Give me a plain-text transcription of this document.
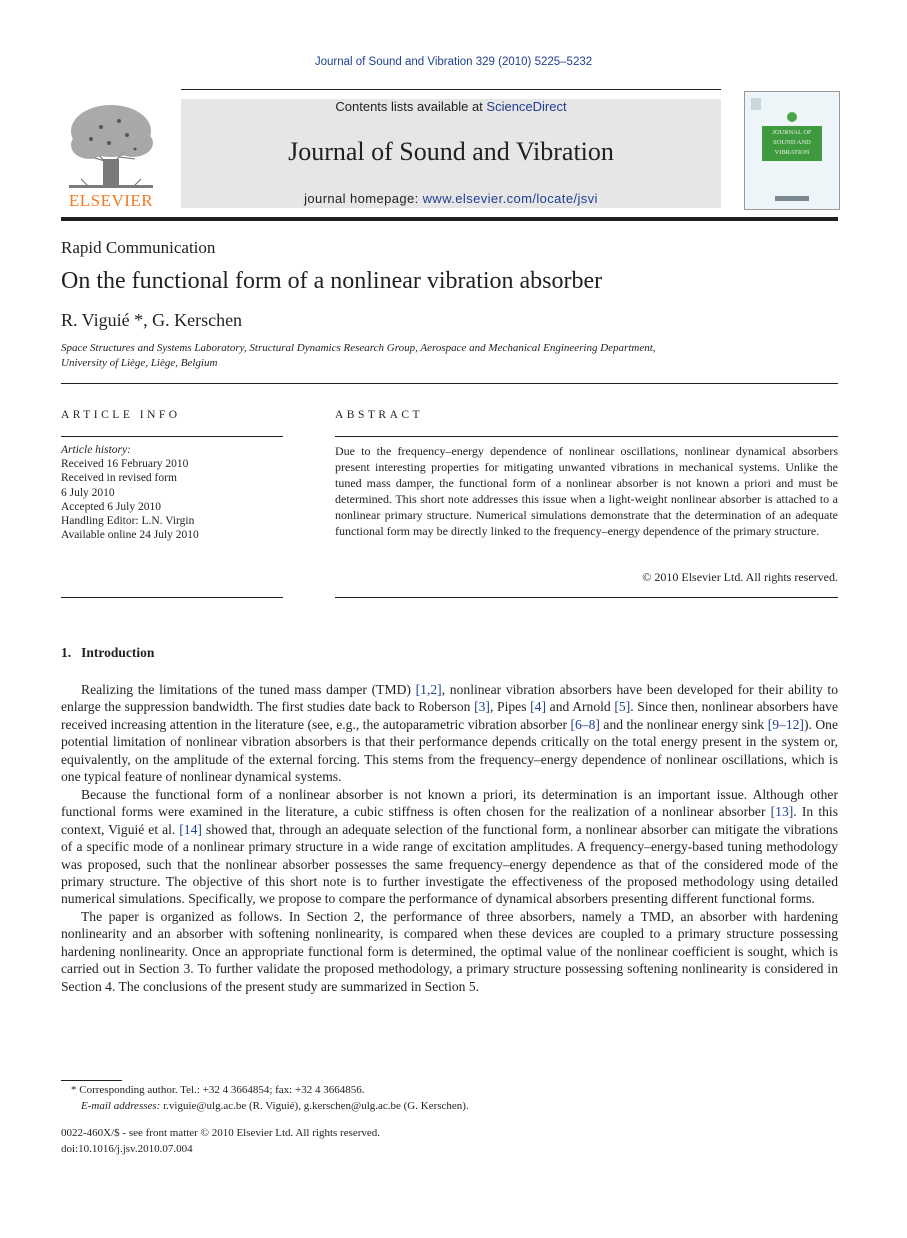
Journal of Sound and Vibration 329 (2010) 5225–5232
ELSEVIER
Contents lists available at ScienceDirect
Journal of Sound and Vibration
journal homepage: www.elsevier.com/locate/jsvi
JOURNAL OF
SOUND AND
VIBRATION
Rapid Communication
On the functional form of a nonlinear vibration absorber
R. Viguié *, G. Kerschen
Space Structures and Systems Laboratory, Structural Dynamics Research Group, Aerospace and Mechanical Engineering Department,
University of Liège, Liège, Belgium
ARTICLE INFO
Article history:
Received 16 February 2010
Received in revised form
6 July 2010
Accepted 6 July 2010
Handling Editor: L.N. Virgin
Available online 24 July 2010
ABSTRACT
Due to the frequency–energy dependence of nonlinear oscillations, nonlinear dynamical absorbers present interesting properties for mitigating unwanted vibrations in mechanical systems. Unlike the tuned mass damper, the functional form of a nonlinear absorber is not known a priori and must be determined. This short note addresses this issue when a light-weight nonlinear absorber is attached to a nonlinear primary structure. Numerical simulations demonstrate that the determination of an adequate functional form may be directly linked to the frequency–energy dependence of the primary structure.
© 2010 Elsevier Ltd. All rights reserved.
1. Introduction

Realizing the limitations of the tuned mass damper (TMD) [1,2], nonlinear vibration absorbers have been developed for their ability to enlarge the suppression bandwidth. The first studies date back to Roberson [3], Pipes [4] and Arnold [5]. Since then, nonlinear absorbers have received increasing attention in the literature (see, e.g., the autoparametric vibration absorber [6–8] and the nonlinear energy sink [9–12]). One potential limitation of nonlinear vibration absorbers is that their performance depends critically on the total energy present in the system or, equivalently, on the amplitude of the external forcing. This stems from the frequency–energy dependence of nonlinear oscillations, which is one typical feature of nonlinear dynamical systems.

Because the functional form of a nonlinear absorber is not known a priori, its determination is an important issue. Although other functional forms were examined in the literature, a cubic stiffness is often chosen for the realization of a nonlinear absorber [13]. In this context, Viguié et al. [14] showed that, through an adequate selection of the functional form, a nonlinear absorber can mitigate the vibrations of a specific mode of a nonlinear primary structure in a wide range of excitation amplitudes. A frequency–energy-based tuning methodology was proposed, such that the nonlinear absorber possesses the same frequency–energy dependence as that of the considered mode of the primary structure. The objective of this short note is to further investigate the effectiveness of the proposed methodology using detailed numerical simulations. Specifically, we propose to compare the performance of dynamical absorbers presenting different functional forms.

The paper is organized as follows. In Section 2, the performance of three absorbers, namely a TMD, an absorber with hardening nonlinearity and an absorber with softening nonlinearity, is compared when these devices are coupled to a primary structure possessing hardening nonlinearity. Once an appropriate functional form is determined, the optimal value of the nonlinear coefficient is sought, which is carried out in Section 3. To further validate the proposed methodology, a primary structure possessing softening nonlinearity is considered in Section 4. The conclusions of the present study are summarized in Section 5.

* Corresponding author. Tel.: +32 4 3664854; fax: +32 4 3664856.
E-mail addresses: r.viguie@ulg.ac.be (R. Viguié), g.kerschen@ulg.ac.be (G. Kerschen).
0022-460X/$ - see front matter © 2010 Elsevier Ltd. All rights reserved.
doi:10.1016/j.jsv.2010.07.004
